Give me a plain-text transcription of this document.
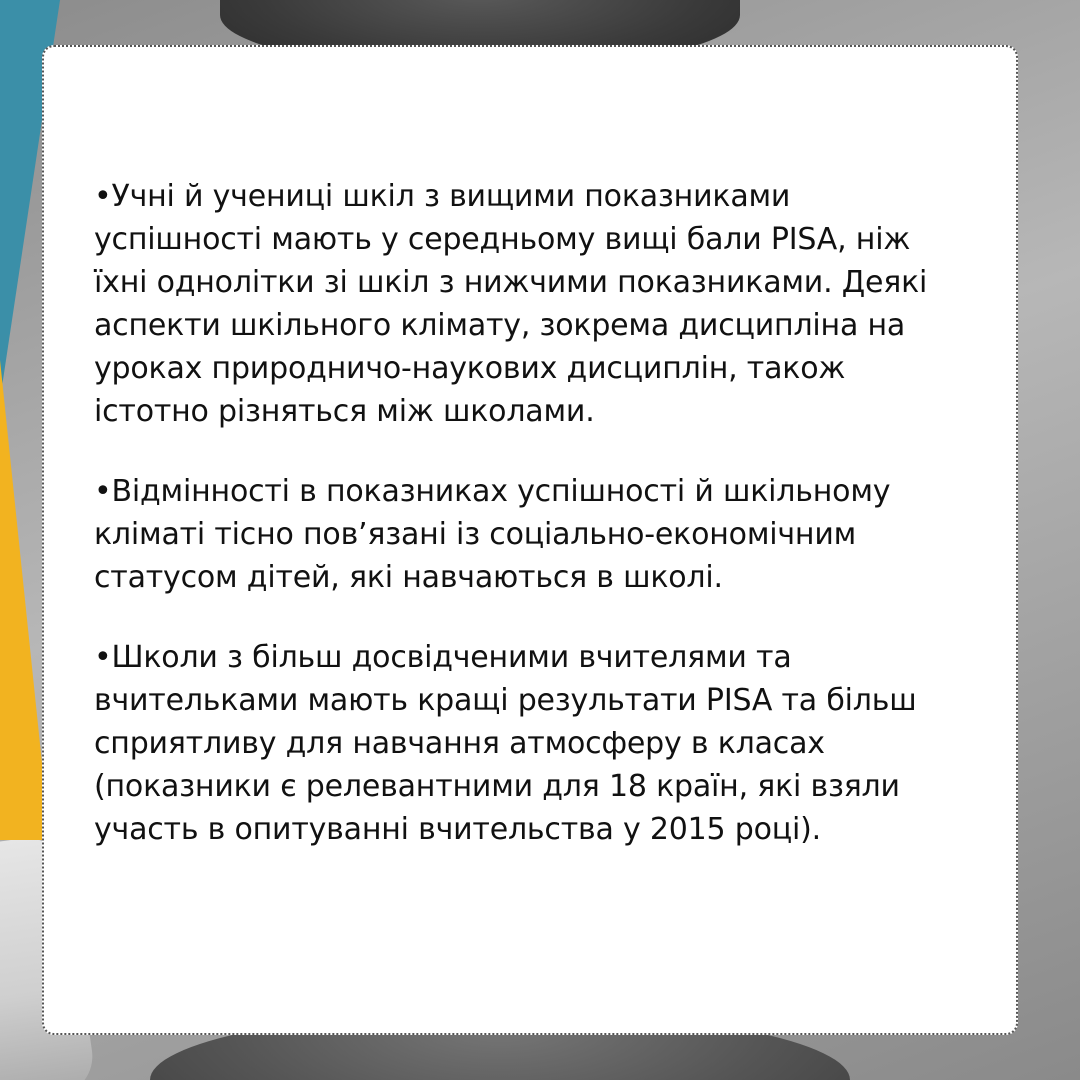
•Учні й учениці шкіл з вищими показниками
успішності мають у середньому вищі бали PISA, ніж
їхні однолітки зі шкіл з нижчими показниками. Деякі
аспекти шкільного клімату, зокрема дисципліна на
уроках природничо-наукових дисциплін, також
істотно різняться між школами.

•Відмінності в показниках успішності й шкільному
кліматі тісно пов’язані із соціально-економічним
статусом дітей, які навчаються в школі.

•Школи з більш досвідченими вчителями та
вчительками мають кращі результати PISA та більш
сприятливу для навчання атмосферу в класах
(показники є релевантними для 18 країн, які взяли
участь в опитуванні вчительства у 2015 році).
